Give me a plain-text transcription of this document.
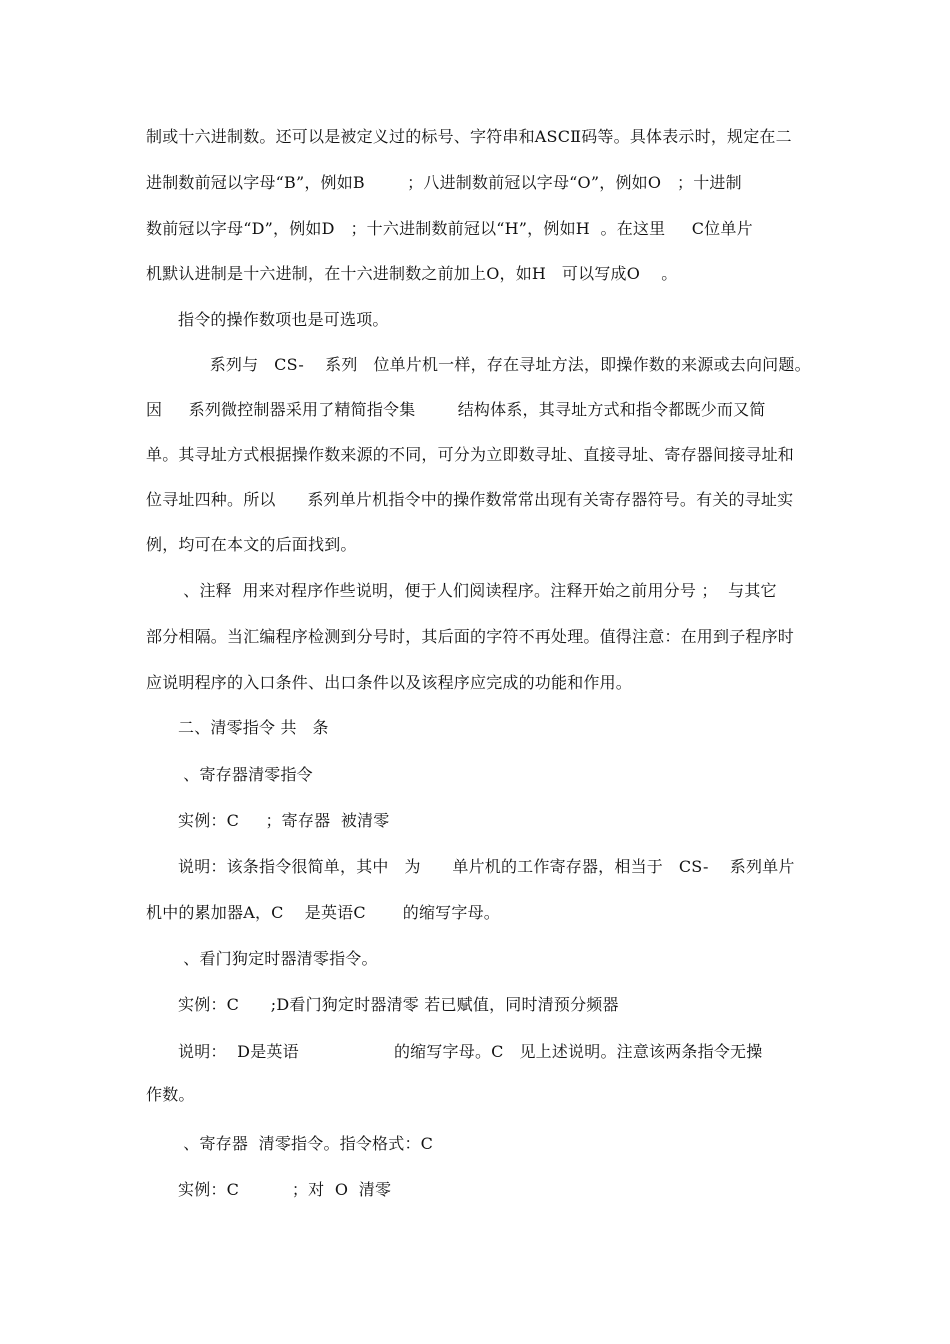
制或十六进制数。还可以是被定义过的标号、字符串和ASCⅡ码等。具体表示时，规定在二
进制数前冠以字母“B”，例如B        ；八进制数前冠以字母“O”，例如O   ；十进制
数前冠以字母“D”，例如D   ；十六进制数前冠以“H”，例如H  。在这里     C位单片
机默认进制是十六进制，在十六进制数之前加上O，如H   可以写成O    。
指令的操作数项也是可选项。
系列与   CS-    系列   位单片机一样，存在寻址方法，即操作数的来源或去向问题。
因     系列微控制器采用了精简指令集        结构体系，其寻址方式和指令都既少而又简
单。其寻址方式根据操作数来源的不同，可分为立即数寻址、直接寻址、寄存器间接寻址和
位寻址四种。所以      系列单片机指令中的操作数常常出现有关寄存器符号。有关的寻址实
例，均可在本文的后面找到。
、注释  用来对程序作些说明，便于人们阅读程序。注释开始之前用分号 ；  与其它
部分相隔。当汇编程序检测到分号时，其后面的字符不再处理。值得注意：在用到子程序时
应说明程序的入口条件、出口条件以及该程序应完成的功能和作用。
二、清零指令 共   条
、寄存器清零指令
实例：C     ；寄存器  被清零
说明：该条指令很简单，其中   为      单片机的工作寄存器，相当于   CS-    系列单片
机中的累加器A，C    是英语C       的缩写字母。
、看门狗定时器清零指令。
实例：C      ;D看门狗定时器清零 若已赋值，同时清预分频器
说明：  D是英语                  的缩写字母。C   见上述说明。注意该两条指令无操
作数。
、寄存器  清零指令。指令格式：C
实例：C          ；对  O  清零
